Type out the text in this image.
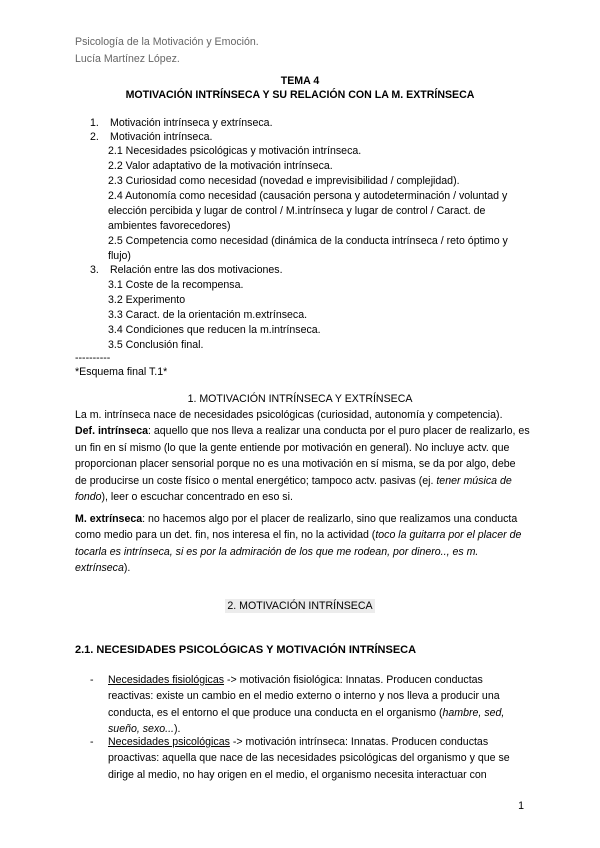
Psicología de la Motivación y Emoción.
Lucía Martínez López.
TEMA 4
MOTIVACIÓN INTRÍNSECA Y SU RELACIÓN CON LA M. EXTRÍNSECA
1. Motivación intrínseca y extrínseca.
2. Motivación intrínseca.
2.1 Necesidades psicológicas y motivación intrínseca.
2.2 Valor adaptativo de la motivación intrínseca.
2.3 Curiosidad como necesidad (novedad e imprevisibilidad / complejidad).
2.4 Autonomía como necesidad (causación persona y autodeterminación / voluntad y
elección percibida y lugar de control / M.intrínseca y lugar de control / Caract. de
ambientes favorecedores)
2.5 Competencia como necesidad (dinámica de la conducta intrínseca / reto óptimo y
flujo)
3. Relación entre las dos motivaciones.
3.1 Coste de la recompensa.
3.2 Experimento
3.3 Caract. de la orientación m.extrínseca.
3.4 Condiciones que reducen la m.intrínseca.
3.5 Conclusión final.
----------
*Esquema final T.1*
1. MOTIVACIÓN INTRÍNSECA Y EXTRÍNSECA

La m. intrínseca nace de necesidades psicológicas (curiosidad, autonomía y competencia).

Def. intrínseca: aquello que nos lleva a realizar una conducta por el puro placer de realizarlo, es un fin en sí mismo (lo que la gente entiende por motivación en general). No incluye actv. que proporcionan placer sensorial porque no es una motivación en sí misma, se da por algo, debe de producirse un coste físico o mental energético; tampoco actv. pasivas (ej. tener música de fondo), leer o escuchar concentrado en eso si.

M. extrínseca: no hacemos algo por el placer de realizarlo, sino que realizamos una conducta como medio para un det. fin, nos interesa el fin, no la actividad (toco la guitarra por el placer de tocarla es intrínseca, si es por la admiración de los que me rodean, por dinero.., es m. extrínseca).

2. MOTIVACIÓN INTRÍNSECA
2.1. NECESIDADES PSICOLÓGICAS Y MOTIVACIÓN INTRÍNSECA
- Necesidades fisiológicas -> motivación fisiológica: Innatas. Producen conductas reactivas: existe un cambio en el medio externo o interno y nos lleva a producir una conducta, es el entorno el que produce una conducta en el organismo (hambre, sed, sueño, sexo...).
- Necesidades psicológicas -> motivación intrínseca: Innatas. Producen conductas proactivas: aquella que nace de las necesidades psicológicas del organismo y que se dirige al medio, no hay origen en el medio, el organismo necesita interactuar con
1
